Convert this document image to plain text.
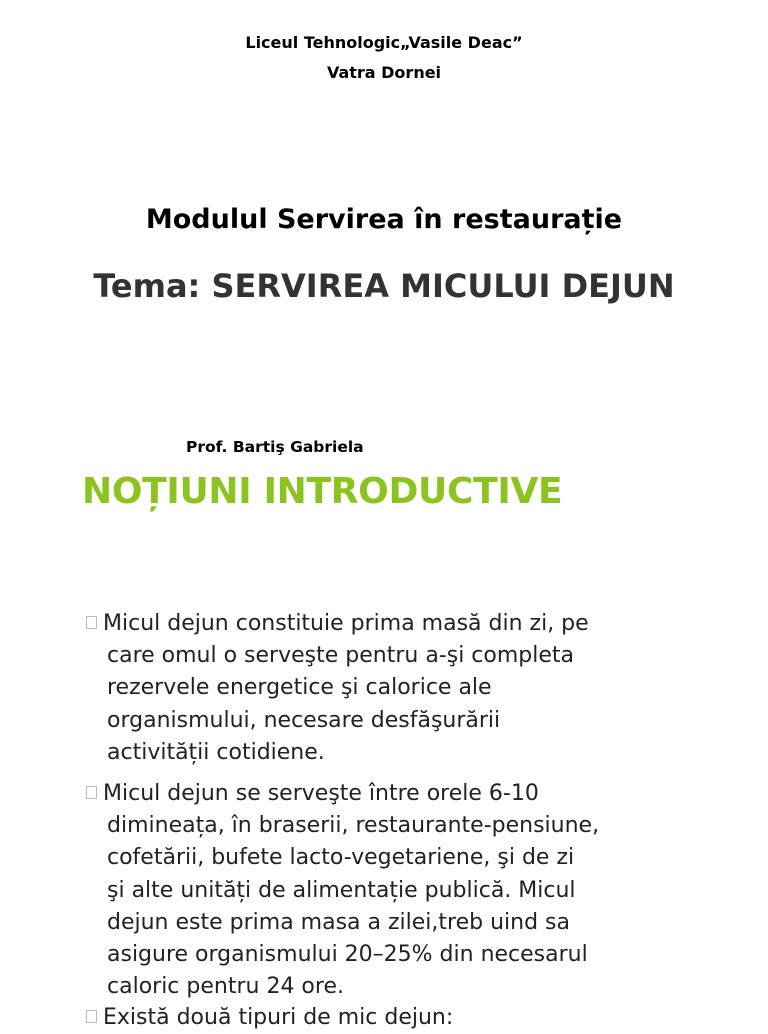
Liceul Tehnologic„Vasile Deac”
Vatra Dornei
Modulul Servirea în restaurație
Tema: SERVIREA MICULUI DEJUN
Prof. Bartiş Gabriela
NOȚIUNI INTRODUCTIVE
Micul dejun constituie prima masă din zi, pe
care omul o serveşte pentru a-şi completa
rezervele energetice şi calorice ale
organismului, necesare desfăşurării
activității cotidiene.
Micul dejun se serveşte între orele 6-10
dimineața, în braserii, restaurante-pensiune,
cofetării, bufete lacto-vegetariene, şi de zi
şi alte unități de alimentație publică. Micul
dejun este prima masa a zilei,treb uind sa
asigure organismului 20–25% din necesarul
caloric pentru 24 ore.
Există două tipuri de mic dejun:
